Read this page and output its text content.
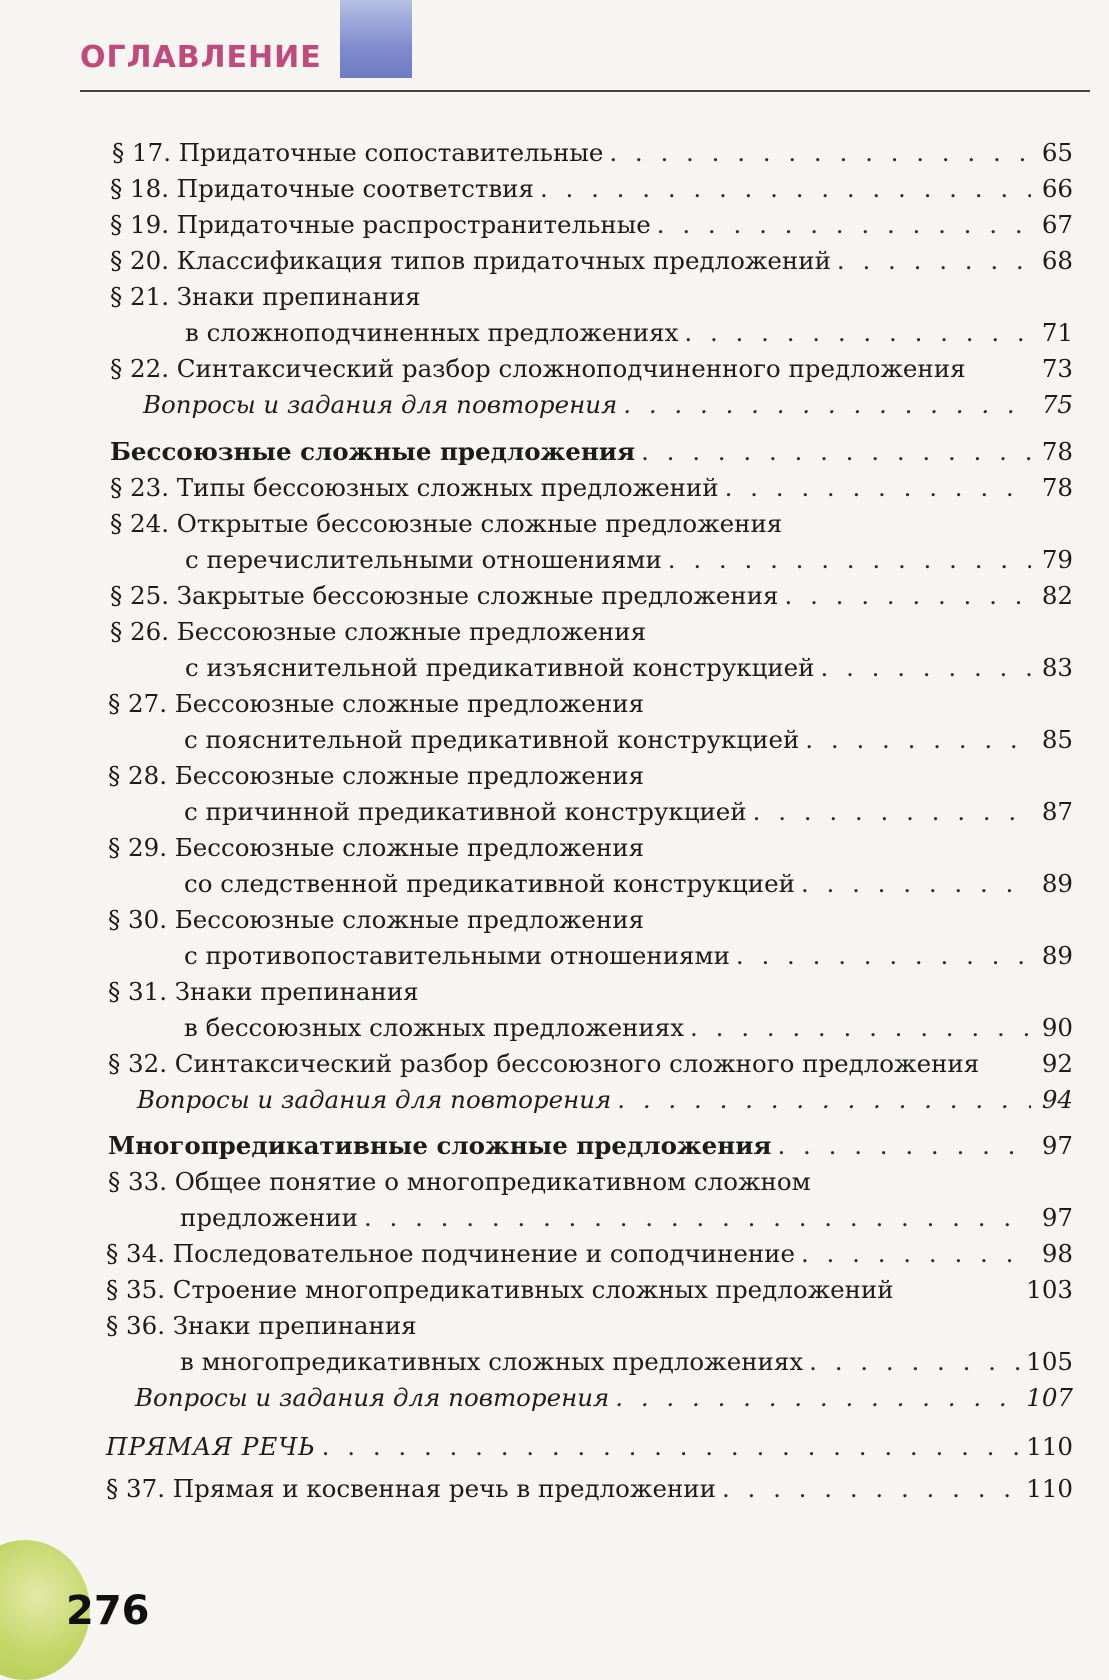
ОГЛАВЛЕНИЕ
§ 17. Придаточные сопоставительные . . .	65
§ 18. Придаточные соответствия . . .	66
§ 19. Придаточные распространительные . . .	67
§ 20. Классификация типов придаточных предложений . . .	68
§ 21. Знаки препинания
в сложноподчиненных предложениях . . .	71
§ 22. Синтаксический разбор сложноподчиненного предложения	73
Вопросы и задания для повторения . . .	75
Бессоюзные сложные предложения . . .	78
§ 23. Типы бессоюзных сложных предложений . . .	78
§ 24. Открытые бессоюзные сложные предложения
с перечислительными отношениями . . .	79
§ 25. Закрытые бессоюзные сложные предложения . . .	82
§ 26. Бессоюзные сложные предложения
с изъяснительной предикативной конструкцией . . .	83
§ 27. Бессоюзные сложные предложения
с пояснительной предикативной конструкцией . . .	85
§ 28. Бессоюзные сложные предложения
с причинной предикативной конструкцией . . .	87
§ 29. Бессоюзные сложные предложения
со следственной предикативной конструкцией . . .	89
§ 30. Бессоюзные сложные предложения
с противопоставительными отношениями . . .	89
§ 31. Знаки препинания
в бессоюзных сложных предложениях . . .	90
§ 32. Синтаксический разбор бессоюзного сложного предложения	92
Вопросы и задания для повторения . . .	94
Многопредикативные сложные предложения . . .	97
§ 33. Общее понятие о многопредикативном сложном
предложении . . .	97
§ 34. Последовательное подчинение и соподчинение . . .	98
§ 35. Строение многопредикативных сложных предложений	103
§ 36. Знаки препинания
в многопредикативных сложных предложениях . . .	105
Вопросы и задания для повторения . . .	107
ПРЯМАЯ РЕЧЬ . . .	110
§ 37. Прямая и косвенная речь в предложении . . .	110
276
